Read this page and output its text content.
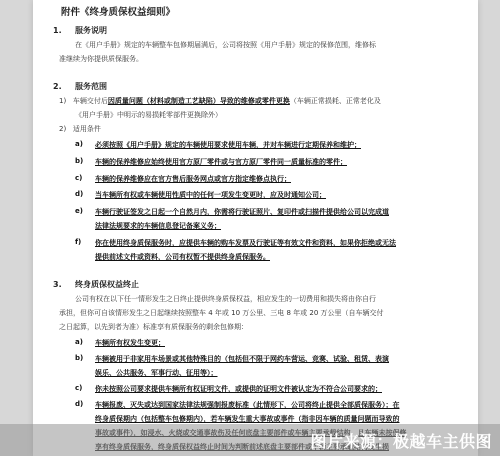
附件《终身质保权益细则》
1. 服务说明
在《用户手册》规定的车辆整车包修期届满后，公司将按照《用户手册》规定的保修范围，维修标
准继续为你提供质保服务。
2. 服务范围
1) 车辆交付后因质量问题（材料或制造工艺缺陷）导致的维修或零件更换（车辆正常损耗、正常老化及
《用户手册》中明示的易损耗零部件更换除外）
2) 适用条件
a) 必须按照《用户手册》规定的车辆使用要求使用车辆，并对车辆进行定期保养和维护；
b) 车辆的保养维修应始终使用官方原厂零件或与官方原厂零件同一质量标准的零件；
c) 车辆的保养维修应在官方售后服务网点或官方指定维修点执行；
d) 当车辆所有权或车辆使用性质中的任何一项发生变更时，应及时通知公司；
e) 车辆行驶证签发之日起一个自然月内，你需将行驶证照片、复印件或扫描件提供给公司以完成道
法律法规要求的车辆信息登记备案义务；
f) 你在使用终身质保服务时，应提供车辆的购车发票及行驶证等有效文件和资料，如果你拒绝或无法
提供前述文件或资料，公司有权暂不提供终身质保服务。
3. 终身质保权益终止
公司有权在以下任一情形发生之日终止提供终身质保权益，相应发生的一切费用和损失将由你自行
承担，但你可自该情形发生之日起继续按照整车 4 年或 10 万公里、三电 8 年或 20 万公里（自车辆交付
之日起算，以先到者为准）标准享有质保服务的剩余包修期：
a) 车辆所有权发生变更；
b) 车辆被用于非家用车场景或其他特殊目的（包括但不限于网约车营运、竞赛、试验、租赁、表演
娱乐、公共服务、军事行动、征用等）；
c) 你未按照公司要求提供车辆所有权证明文件，或提供的证明文件被认定为不符合公司要求的；
d) 车辆报废、灭失或达到国家法律法规强制报废标准（此情形下，公司将终止提供全部质保服务）；在
终身质保期内（包括整车包修期内），若车辆发生重大事故或事件（指非因车辆的质量问题而导致的
图片来源：极越车主供图
